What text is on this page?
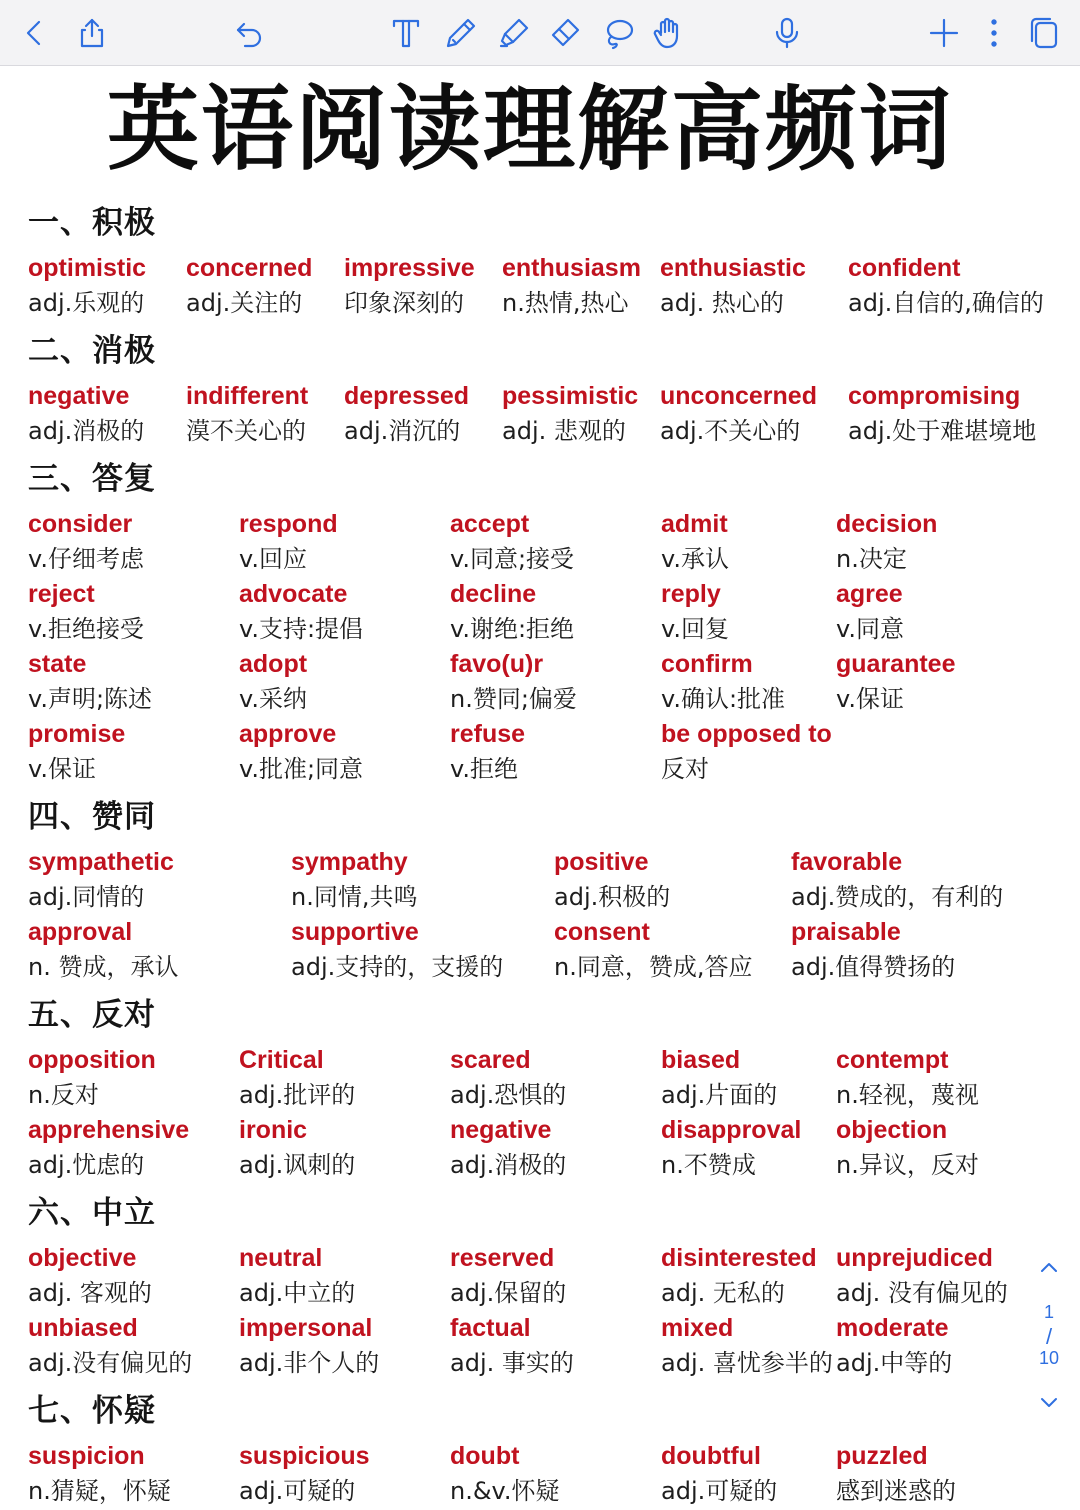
英语阅读理解高频词
一、积极
optimistic
adj.乐观的
concerned
adj.关注的
impressive
印象深刻的
enthusiasm
n.热情,热心
enthusiastic
adj. 热心的
confident
adj.自信的,确信的
二、消极
negative
adj.消极的
indifferent
漠不关心的
depressed
adj.消沉的
pessimistic
adj. 悲观的
unconcerned
adj.不关心的
compromising
adj.处于难堪境地
三、答复
consider
v.仔细考虑
respond
v.回应
accept
v.同意;接受
admit
v.承认
decision
n.决定
reject
v.拒绝接受
advocate
v.支持:提倡
decline
v.谢绝:拒绝
reply
v.回复
agree
v.同意
state
v.声明;陈述
adopt
v.采纳
favo(u)r
n.赞同;偏爱
confirm
v.确认:批准
guarantee
v.保证
promise
v.保证
approve
v.批准;同意
refuse
v.拒绝
be opposed to
反对
四、赞同
sympathetic
adj.同情的
sympathy
n.同情,共鸣
positive
adj.积极的
favorable
adj.赞成的，有利的
approval
n. 赞成，承认
supportive
adj.支持的，支援的
consent
n.同意，赞成,答应
praisable
adj.值得赞扬的
五、反对
opposition
n.反对
Critical
adj.批评的
scared
adj.恐惧的
biased
adj.片面的
contempt
n.轻视，蔑视
apprehensive
adj.忧虑的
ironic
adj.讽刺的
negative
adj.消极的
disapproval
n.不赞成
objection
n.异议，反对
六、中立
objective
adj. 客观的
neutral
adj.中立的
reserved
adj.保留的
disinterested
adj. 无私的
unprejudiced
adj. 没有偏见的
unbiased
adj.没有偏见的
impersonal
adj.非个人的
factual
adj. 事实的
mixed
adj. 喜忧参半的
moderate
adj.中等的
七、怀疑
suspicion
n.猜疑，怀疑
suspicious
adj.可疑的
doubt
n.&v.怀疑
doubtful
adj.可疑的
puzzled
感到迷惑的
1
/
10
